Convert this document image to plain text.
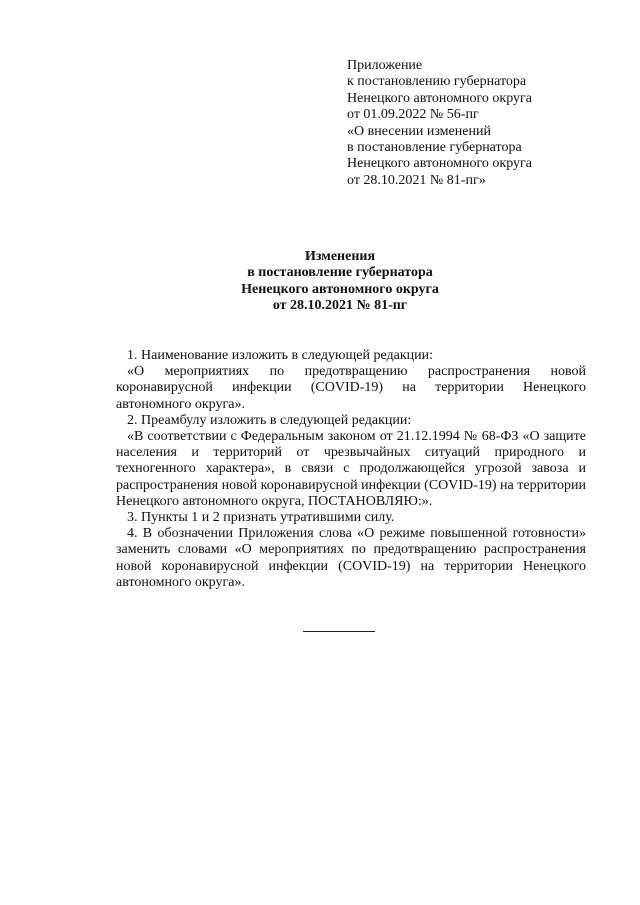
Приложение
к постановлению губернатора
Ненецкого автономного округа
от 01.09.2022 № 56-пг
«О внесении изменений
в постановление губернатора
Ненецкого автономного округа
от 28.10.2021 № 81-пг»
Изменения
в постановление губернатора
Ненецкого автономного округа
от 28.10.2021 № 81-пг

1. Наименование изложить в следующей редакции:

«О мероприятиях по предотвращению распространения новой коронавирусной инфекции (COVID-19) на территории Ненецкого автономного округа».

2. Преамбулу изложить в следующей редакции:

«В соответствии с Федеральным законом от 21.12.1994 № 68-ФЗ «О защите населения и территорий от чрезвычайных ситуаций природного и техногенного характера», в связи с продолжающейся угрозой завоза и распространения новой коронавирусной инфекции (COVID-19) на территории Ненецкого автономного округа, ПОСТАНОВЛЯЮ:».

3. Пункты 1 и 2 признать утратившими силу.

4. В обозначении Приложения слова «О режиме повышенной готовности» заменить словами «О мероприятиях по предотвращению распространения новой коронавирусной инфекции (COVID-19) на территории Ненецкого автономного округа».
